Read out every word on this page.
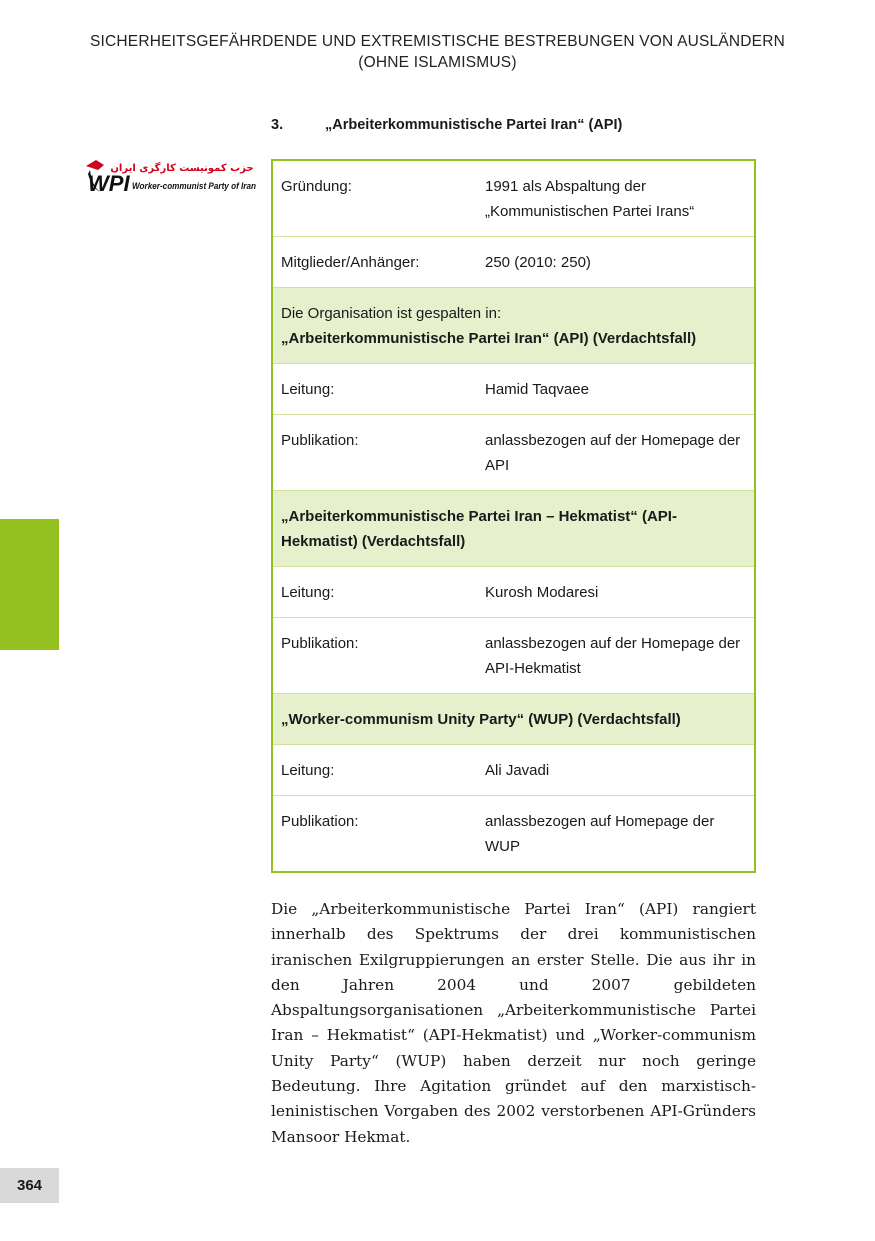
SICHERHEITSGEFÄHRDENDE UND EXTREMISTISCHE BESTREBUNGEN VON AUSLÄNDERN
(OHNE ISLAMISMUS)
3.	„Arbeiterkommunistische Partei Iran“ (API)
WPI
حزب کمونیست کارگری ایران
Worker-communist Party of Iran	Gründung:	1991 als Abspaltung der „Kommunistischen Partei Irans“
Mitglieder/Anhänger:	250 (2010: 250)
Die Organisation ist gespalten in:
„Arbeiterkommunistische Partei Iran“ (API) (Verdachtsfall)
Leitung:	Hamid Taqvaee
Publikation:	anlassbezogen auf der Homepage der API
„Arbeiterkommunistische Partei Iran – Hekmatist“ (API-Hekmatist) (Verdachtsfall)
Leitung:	Kurosh Modaresi
Publikation:	anlassbezogen auf der Homepage der API-Hekmatist
„Worker-communism Unity Party“ (WUP) (Verdachtsfall)
Leitung:	Ali Javadi
Publikation:	anlassbezogen auf Homepage der WUP

Die „Arbeiterkommunistische Partei Iran“ (API) rangiert innerhalb des Spektrums der drei kommunistischen iranischen Exilgruppierungen an erster Stelle. Die aus ihr in den Jahren 2004 und 2007 gebildeten Abspaltungsorganisationen „Arbeiterkommunistische Partei Iran – Hekmatist“ (API-Hekmatist) und „Worker-communism Unity Party“ (WUP) haben derzeit nur noch geringe Bedeutung. Ihre Agitation gründet auf den marxistisch-leninistischen Vorgaben des 2002 verstorbenen API-Gründers Mansoor Hekmat.

364
